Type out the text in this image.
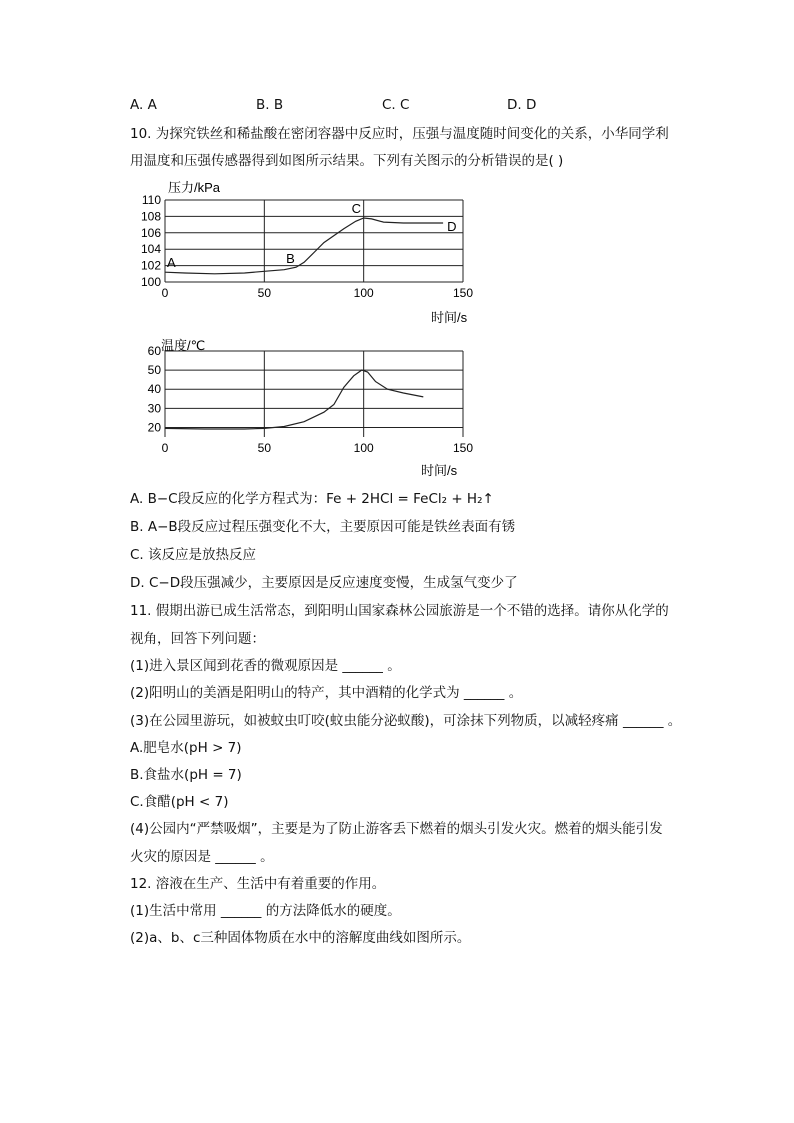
A. A	B. B	C. C	D. D
10. 为探究铁丝和稀盐酸在密闭容器中反应时，压强与温度随时间变化的关系，小华同学利
用温度和压强传感器得到如图所示结果。下列有关图示的分析错误的是( )
压力/kPa
100
102
104
106
108
110
0	50	100	150
A	B
C
D
时间/s
温度/℃
20
30
40
50
60
0	50	100	150
时间/s
A. B−C段反应的化学方程式为：Fe + 2HCl = FeCl₂ + H₂↑
B. A−B段反应过程压强变化不大，主要原因可能是铁丝表面有锈
C. 该反应是放热反应
D. C−D段压强减少，主要原因是反应速度变慢，生成氢气变少了
11. 假期出游已成生活常态，到阳明山国家森林公园旅游是一个不错的选择。请你从化学的
视角，回答下列问题：
(1)进入景区闻到花香的微观原因是 ______ 。
(2)阳明山的美酒是阳明山的特产，其中酒精的化学式为 ______ 。
(3)在公园里游玩，如被蚊虫叮咬(蚊虫能分泌蚁酸)，可涂抹下列物质，以减轻疼痛 ______ 。
A.肥皂水(pH > 7)
B.食盐水(pH = 7)
C.食醋(pH < 7)
(4)公园内“严禁吸烟”，主要是为了防止游客丢下燃着的烟头引发火灾。燃着的烟头能引发
火灾的原因是 ______ 。
12. 溶液在生产、生活中有着重要的作用。
(1)生活中常用 ______ 的方法降低水的硬度。
(2)a、b、c三种固体物质在水中的溶解度曲线如图所示。
